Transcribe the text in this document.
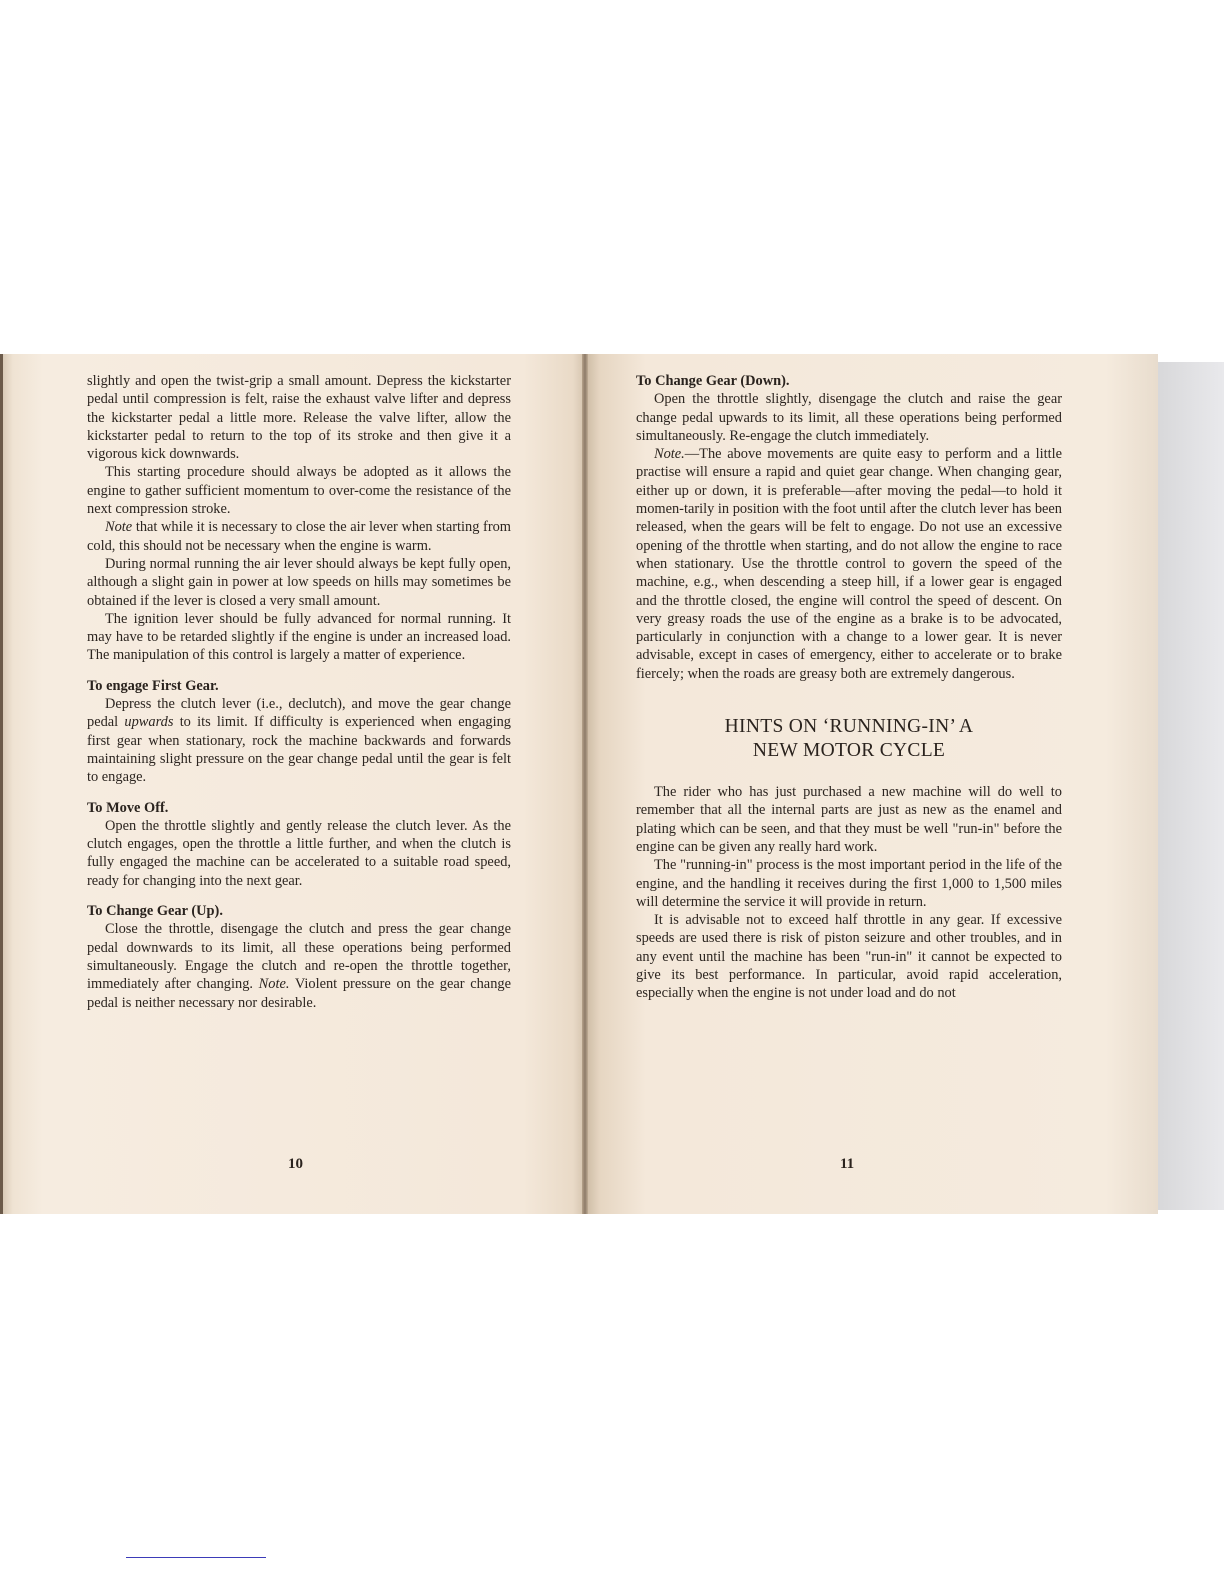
slightly and open the twist-grip a small amount. Depress the kickstarter pedal until compression is felt, raise the exhaust valve lifter and depress the kickstarter pedal a little more. Release the valve lifter, allow the kickstarter pedal to return to the top of its stroke and then give it a vigorous kick downwards.

This starting procedure should always be adopted as it allows the engine to gather sufficient momentum to over-come the resistance of the next compression stroke.

Note that while it is necessary to close the air lever when starting from cold, this should not be necessary when the engine is warm.

During normal running the air lever should always be kept fully open, although a slight gain in power at low speeds on hills may sometimes be obtained if the lever is closed a very small amount.

The ignition lever should be fully advanced for normal running. It may have to be retarded slightly if the engine is under an increased load. The manipulation of this control is largely a matter of experience.

To engage First Gear.

Depress the clutch lever (i.e., declutch), and move the gear change pedal upwards to its limit. If difficulty is experienced when engaging first gear when stationary, rock the machine backwards and forwards maintaining slight pressure on the gear change pedal until the gear is felt to engage.

To Move Off.

Open the throttle slightly and gently release the clutch lever. As the clutch engages, open the throttle a little further, and when the clutch is fully engaged the machine can be accelerated to a suitable road speed, ready for changing into the next gear.

To Change Gear (Up).

Close the throttle, disengage the clutch and press the gear change pedal downwards to its limit, all these operations being performed simultaneously. Engage the clutch and re-open the throttle together, immediately after changing. Note. Violent pressure on the gear change pedal is neither necessary nor desirable.

10
To Change Gear (Down).

Open the throttle slightly, disengage the clutch and raise the gear change pedal upwards to its limit, all these operations being performed simultaneously. Re-engage the clutch immediately.

Note.—The above movements are quite easy to perform and a little practise will ensure a rapid and quiet gear change. When changing gear, either up or down, it is preferable—after moving the pedal—to hold it momen-tarily in position with the foot until after the clutch lever has been released, when the gears will be felt to engage. Do not use an excessive opening of the throttle when starting, and do not allow the engine to race when stationary. Use the throttle control to govern the speed of the machine, e.g., when descending a steep hill, if a lower gear is engaged and the throttle closed, the engine will control the speed of descent. On very greasy roads the use of the engine as a brake is to be advocated, particularly in conjunction with a change to a lower gear. It is never advisable, except in cases of emergency, either to accelerate or to brake fiercely; when the roads are greasy both are extremely dangerous.

HINTS ON ‘RUNNING-IN’ A
NEW MOTOR CYCLE

The rider who has just purchased a new machine will do well to remember that all the internal parts are just as new as the enamel and plating which can be seen, and that they must be well "run-in" before the engine can be given any really hard work.

The "running-in" process is the most important period in the life of the engine, and the handling it receives during the first 1,000 to 1,500 miles will determine the service it will provide in return.

It is advisable not to exceed half throttle in any gear. If excessive speeds are used there is risk of piston seizure and other troubles, and in any event until the machine has been "run-in" it cannot be expected to give its best performance. In particular, avoid rapid acceleration, especially when the engine is not under load and do not

11
